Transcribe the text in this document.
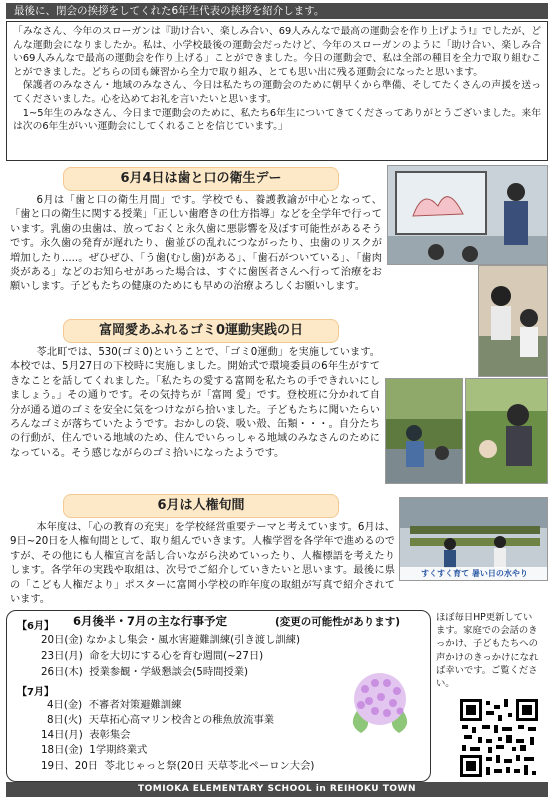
最後に、閉会の挨拶をしてくれた6年生代表の挨拶を紹介します。

「みなさん、今年のスローガンは『助け合い、楽しみ合い、69人みんなで最高の運動会を作り上げよう!』でしたが、どんな運動会になりましたか。私は、小学校最後の運動会だったけど、今年のスローガンのように「助け合い、楽しみ合い69人みんなで最高の運動会を作り上げる」ことができました。今日の運動会で、私は全部の種目を全力で取り組むことができました。どちらの団も練習から全力で取り組み、とても思い出に残る運動会になったと思います。

保護者のみなさん・地域のみなさん、今日は私たちの運動会のために朝早くから準備、そしてたくさんの声援を送ってくださいました。心を込めてお礼を言いたいと思います。

1~5年生のみなさん、今日まで運動会のために、私たち6年生についてきてくださってありがとうございました。来年は次の6年生がいい運動会にしてくれることを信じています。」

6月4日は歯と口の衛生デー

6月は「歯と口の衛生月間」です。学校でも、養護教諭が中心となって、「歯と口の衛生に関する授業」「正しい歯磨きの仕方指導」などを全学年で行っています。乳歯の虫歯は、放っておくと永久歯に悪影響を及ぼす可能性があるそうです。永久歯の発育が遅れたり、歯並びの乱れにつながったり、虫歯のリスクが増加したり.....。ぜひぜひ、「う歯(むし歯)がある」、「歯石がついている」、「歯肉炎がある」などのお知らせがあった場合は、すぐに歯医者さんへ行って治療をお願いします。子どもたちの健康のためにも早めの治療よろしくお願いします。

富岡愛あふれるゴミ0運動実践の日

苓北町では、530(ゴミ0)ということで、「ゴミ0運動」を実施しています。本校では、5月27日の下校時に実施しました。開始式で環境委員の6年生がすてきなことを話してくれました。「私たちの愛する富岡を私たちの手できれいにしましょう。」その通りです。その気持ちが「富岡 愛」です。登校班に分かれて自分が通る道のゴミを安全に気をつけながら拾いました。子どもたちに聞いたらいろんなゴミが落ちていたようです。おかしの袋、吸い殻、缶類・・・。自分たちの行動が、住んでいる地域のため、住んでいらっしゃる地域のみなさんのためになっている。そう感じながらのゴミ拾いになったようです。

6月は人権旬間

本年度は、「心の教育の充実」を学校経営重要テーマと考えています。6月は、9日~20日を人権旬間として、取り組んでいきます。人権学習を各学年で進めるのですが、その他にも人権宣言を話し合いながら決めていったり、人権標語を考えたりします。各学年の実践や取組は、次号でご紹介していきたいと思います。最後に県の「こども人権だより」ポスターに富岡小学校の昨年度の取組が写真で紹介されています。

すくすく育て 暑い日の水やり
【6月】 6月後半・7月の主な行事予定	(変更の可能性があります)
20日(金) なかよし集会・風水害避難訓練(引き渡し訓練)
23日(月) 命を大切にする心を育む週間(~27日)
26日(木) 授業参観・学級懇談会(5時間授業)
【7月】
4日(金) 不審者対策避難訓練
8日(火) 天草拓心高マリン校舎との稚魚放流事業
14日(月) 表彰集会
18日(金) 1学期終業式
19日、20日 苓北じゃっと祭(20日 天草苓北ペーロン大会)
ほぼ毎日HP更新しています。家庭での会話のきっかけ、子どもたちへの声かけのきっかけになれば幸いです。ご覧ください。
TOMIOKA ELEMENTARY SCHOOL in REIHOKU TOWN
